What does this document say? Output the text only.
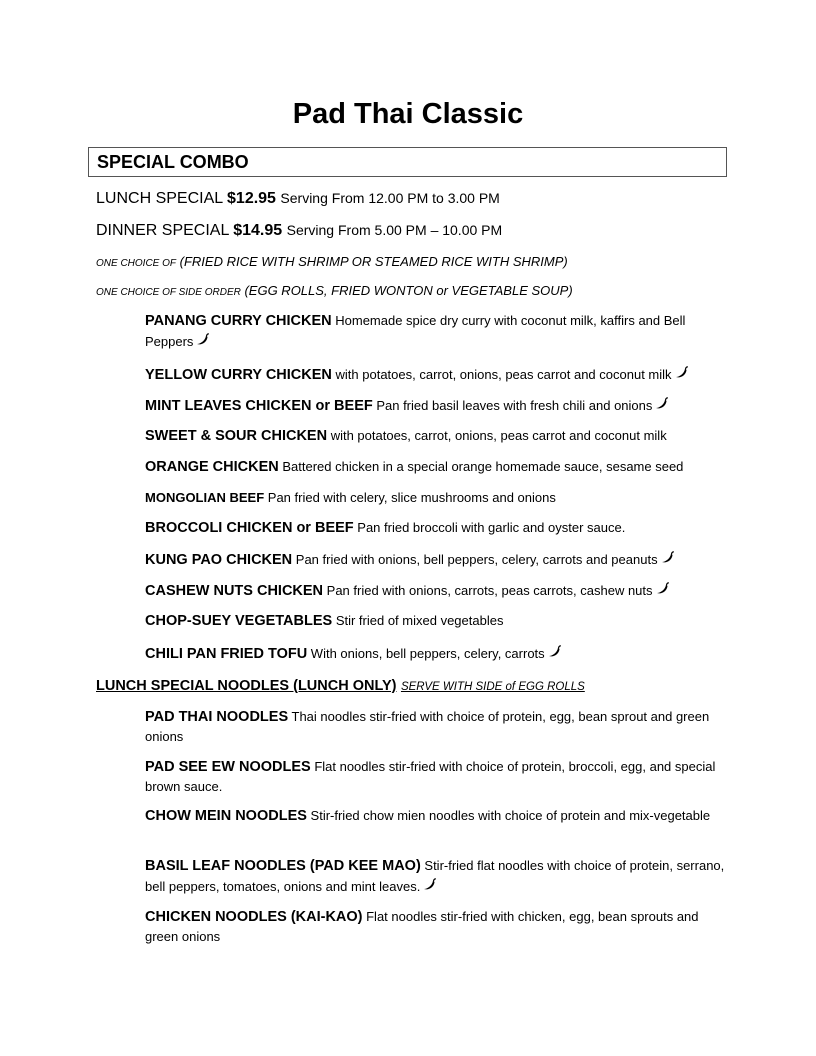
Pad Thai Classic
SPECIAL COMBO
LUNCH SPECIAL $12.95 Serving From 12.00 PM to 3.00 PM
DINNER SPECIAL $14.95 Serving From 5.00 PM – 10.00 PM
ONE CHOICE OF (FRIED RICE WITH SHRIMP OR STEAMED RICE WITH SHRIMP)
ONE CHOICE OF SIDE ORDER (EGG ROLLS, FRIED WONTON or VEGETABLE SOUP)
PANANG CURRY CHICKEN Homemade spice dry curry with coconut milk, kaffirs and Bell Peppers
YELLOW CURRY CHICKEN with potatoes, carrot, onions, peas carrot and coconut milk
MINT LEAVES CHICKEN or BEEF Pan fried basil leaves with fresh chili and onions
SWEET & SOUR CHICKEN with potatoes, carrot, onions, peas carrot and coconut milk
ORANGE CHICKEN Battered chicken in a special orange homemade sauce, sesame seed
MONGOLIAN BEEF Pan fried with celery, slice mushrooms and onions
BROCCOLI CHICKEN or BEEF Pan fried broccoli with garlic and oyster sauce.
KUNG PAO CHICKEN Pan fried with onions, bell peppers, celery, carrots and peanuts
CASHEW NUTS CHICKEN Pan fried with onions, carrots, peas carrots, cashew nuts
CHOP-SUEY VEGETABLES Stir fried of mixed vegetables
CHILI PAN FRIED TOFU With onions, bell peppers, celery, carrots
LUNCH SPECIAL NOODLES (LUNCH ONLY) SERVE WITH SIDE of EGG ROLLS
PAD THAI NOODLES Thai noodles stir-fried with choice of protein, egg, bean sprout and green onions
PAD SEE EW NOODLES Flat noodles stir-fried with choice of protein, broccoli, egg, and special brown sauce.
CHOW MEIN NOODLES Stir-fried chow mien noodles with choice of protein and mix-vegetable
BASIL LEAF NOODLES (PAD KEE MAO) Stir-fried flat noodles with choice of protein, serrano, bell peppers, tomatoes, onions and mint leaves.
CHICKEN NOODLES (KAI-KAO) Flat noodles stir-fried with chicken, egg, bean sprouts and green onions
